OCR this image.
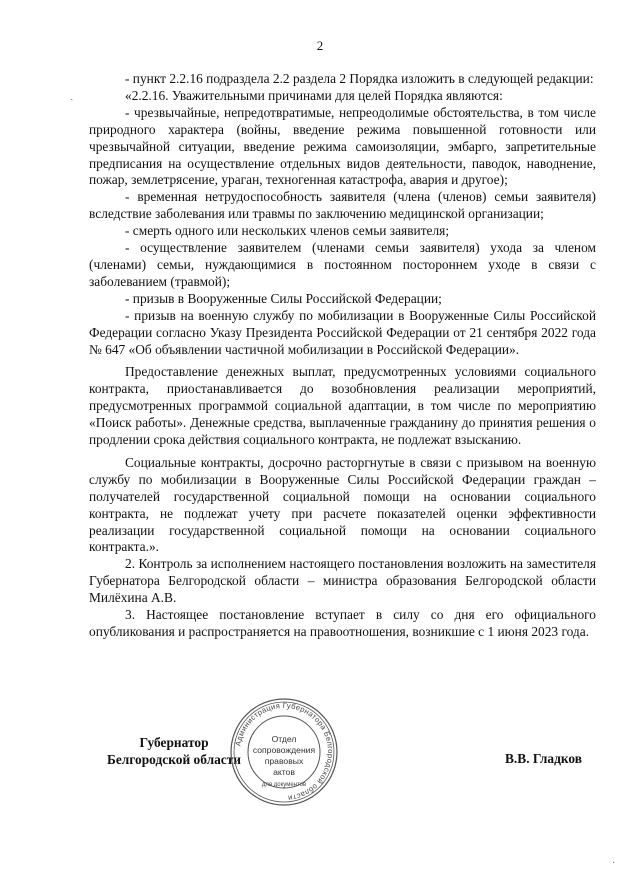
2

- пункт 2.2.16 подраздела 2.2 раздела 2 Порядка изложить в следующей редакции:

«2.2.16. Уважительными причинами для целей Порядка являются:

- чрезвычайные, непредотвратимые, непреодолимые обстоятельства, в том числе природного характера (войны, введение режима повышенной готовности или чрезвычайной ситуации, введение режима самоизоляции, эмбарго, запретительные предписания на осуществление отдельных видов деятельности, паводок, наводнение, пожар, землетрясение, ураган, техногенная катастрофа, авария и другое);

- временная нетрудоспособность заявителя (члена (членов) семьи заявителя) вследствие заболевания или травмы по заключению медицинской организации;

- смерть одного или нескольких членов семьи заявителя;

- осуществление заявителем (членами семьи заявителя) ухода за членом (членами) семьи, нуждающимися в постоянном постороннем уходе в связи с заболеванием (травмой);

- призыв в Вооруженные Силы Российской Федерации;

- призыв на военную службу по мобилизации в Вооруженные Силы Российской Федерации согласно Указу Президента Российской Федерации от 21 сентября 2022 года № 647 «Об объявлении частичной мобилизации в Российской Федерации».

Предоставление денежных выплат, предусмотренных условиями социального контракта, приостанавливается до возобновления реализации мероприятий, предусмотренных программой социальной адаптации, в том числе по мероприятию «Поиск работы». Денежные средства, выплаченные гражданину до принятия решения о продлении срока действия социального контракта, не подлежат взысканию.

Социальные контракты, досрочно расторгнутые в связи с призывом на военную службу по мобилизации в Вооруженные Силы Российской Федерации граждан – получателей государственной социальной помощи на основании социального контракта, не подлежат учету при расчете показателей оценки эффективности реализации государственной социальной помощи на основании социального контракта.».

2. Контроль за исполнением настоящего постановления возложить на заместителя Губернатора Белгородской области – министра образования Белгородской области Милёхина А.В.

3. Настоящее постановление вступает в силу со дня его официального опубликования и распространяется на правоотношения, возникшие с 1 июня 2023 года.

Губернатор
Белгородской области
Администрация Губернатора Белгородской области
Отдел
сопровождения
правовых
актов
для документов
В.В. Гладков
ˎ
·
